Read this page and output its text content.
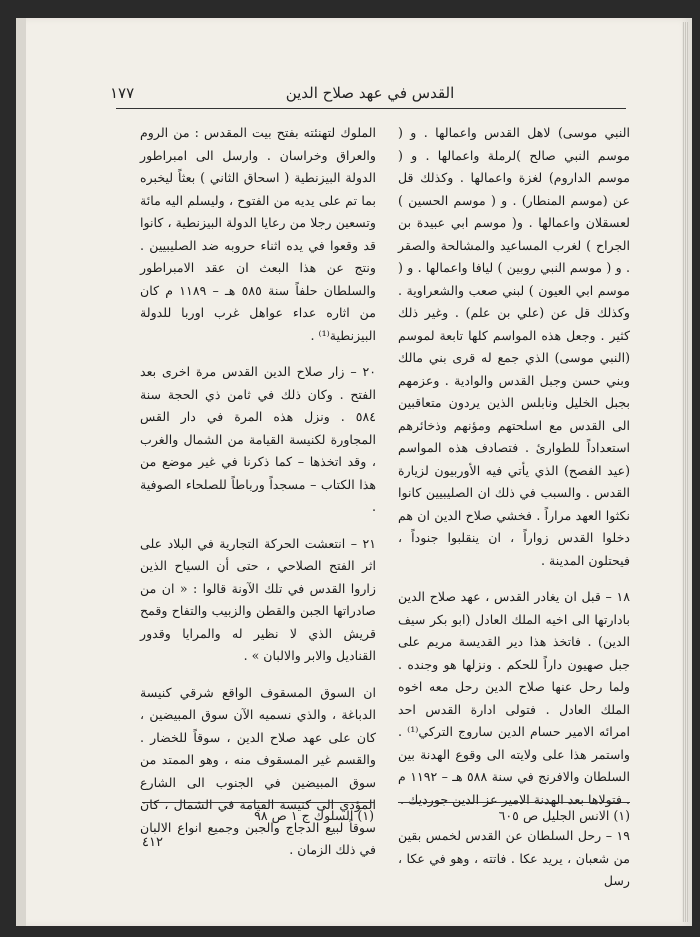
القدس في عهد صلاح الدين
١٧٧

النبي موسى) لاهل القدس واعمالها . و ( موسم النبي صالح )لرملة واعمالها . و ( موسم الداروم) لغزة واعمالها . وكذلك قل عن (موسم المنطار) . و ( موسم الحسين ) لعسقلان واعمالها . و( موسم ابي عبيدة بن الجراح ) لغرب المساعيد والمشالحة والصقر . و ( موسم النبي روبين ) ليافا واعمالها . و ( موسم ابي العيون ) لبني صعب والشعراوية . وكذلك قل عن (علي بن علم) . وغير ذلك كثير . وجعل هذه المواسم كلها تابعة لموسم (النبي موسى) الذي جمع له قرى بني مالك وبني حسن وجبل القدس والوادية . وعزمهم بجبل الخليل ونابلس الذين يردون متعاقبين الى القدس مع اسلحتهم ومؤنهم وذخائرهم استعداداً للطوارئ . فتصادف هذه المواسم (عيد الفصح) الذي يأتي فيه الأوربيون لزيارة القدس . والسبب في ذلك ان الصليبيين كانوا نكثوا العهد مراراً . فخشي صلاح الدين ان هم دخلوا القدس زواراً ، ان ينقلبوا جنوداً ، فيحتلون المدينة .

١٨ – قبل ان يغادر القدس ، عهد صلاح الدين بادارتها الى اخيه الملك العادل (ابو بكر سيف الدين) . فاتخذ هذا دير القديسة مريم على جبل صهيون داراً للحكم . ونزلها هو وجنده . ولما رحل عنها صلاح الدين رحل معه اخوه الملك العادل . فتولى ادارة القدس احد امرائه الامير حسام الدين ساروج التركي⁽¹⁾ . واستمر هذا على ولايته الى وقوع الهدنة بين السلطان والافرنج في سنة ٥٨٨ هـ – ١١٩٢ م . فتولاها بعد الهدنة الامير عز الدين جورديك .

١٩ – رحل السلطان عن القدس لخمس بقين من شعبان ، يريد عكا . فاتته ، وهو في عكا ، رسل

الملوك لتهنئته بفتح بيت المقدس : من الروم والعراق وخراسان . وارسل الى امبراطور الدولة البيزنطية ( اسحاق الثاني ) بعثاً ليخبره بما تم على يديه من الفتوح ، وليسلم اليه مائة وتسعين رجلا من رعايا الدولة البيزنطية ، كانوا قد وقعوا في يده اثناء حروبه ضد الصليبيين . ونتج عن هذا البعث ان عقد الامبراطور والسلطان حلفاً سنة ٥٨٥ هـ – ١١٨٩ م كان من اثاره عداء عواهل غرب اوربا للدولة البيزنطية⁽¹⁾ .

٢٠ – زار صلاح الدين القدس مرة اخرى بعد الفتح . وكان ذلك في ثامن ذي الحجة سنة ٥٨٤ . ونزل هذه المرة في دار القس المجاورة لكنيسة القيامة من الشمال والغرب ، وقد اتخذها – كما ذكرنا في غير موضع من هذا الكتاب – مسجداً ورباطاً للصلحاء الصوفية .

٢١ – انتعشت الحركة التجارية في البلاد على اثر الفتح الصلاحي ، حتى أن السياح الذين زاروا القدس في تلك الآونة قالوا : « ان من صادراتها الجبن والقطن والزبيب والتفاح وقمح قريش الذي لا نظير له والمرايا وقدور القناديل والابر والالبان » .

ان السوق المسقوف الواقع شرقي كنيسة الدباغة ، والذي نسميه الآن سوق المبيضين ، كان على عهد صلاح الدين ، سوقاً للخضار . والقسم غير المسقوف منه ، وهو الممتد من سوق المبيضين في الجنوب الى الشارع المؤدي الى كنيسة القيامة في الشمال ، كان سوقاً لبيع الدجاج والجبن وجميع انواع الالبان في ذلك الزمان .

(١) الانس الجليل ص ٦٠٥
(١) السلوك ج ١ ص ٩٨
٤١٢
